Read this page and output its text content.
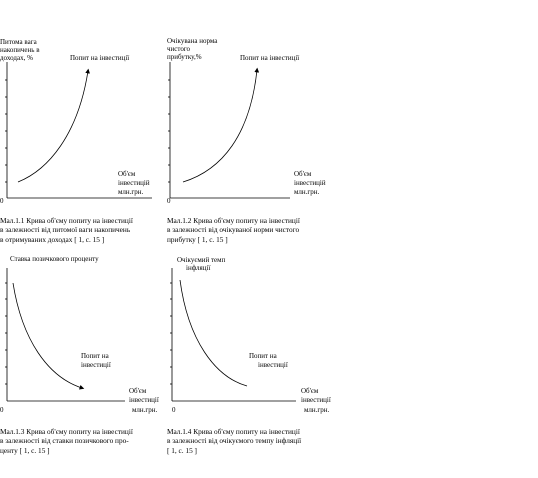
Питома вага
накопичень в
доходах, %	Попит на інвестиції
Об'єм
інвестицій
млн.грн.
0
Очікувана норма
чистого
прибутку,%	Попит на інвестиції
Об'єм
інвестицій
млн.грн.
0
Ставка позичкового проценту
Попит на
інвестиції
Об'єм
інвестиції
млн.грн.
0
Очікуємий темп
інфляції
Попит на
інвестиції
Об'єм
інвестиції
млн.грн.
0
Мал.1.1 Крива об'єму попиту на інвестиції
в залежності від питомої ваги накопичень
в отримуваних доходах [ 1, с. 15 ]
Мал.1.2 Крива об'єму попиту на інвестиції
в залежності від очікуваної норми чистого
прибутку [ 1, с. 15 ]
Мал.1.3 Крива об'єму попиту на інвестиції
в залежності від ставки позичкового про-
центу [ 1, с. 15 ]
Мал.1.4 Крива об'єму попиту на інвестиції
в залежності від очікуємого темпу інфляції
[ 1, с. 15 ]
